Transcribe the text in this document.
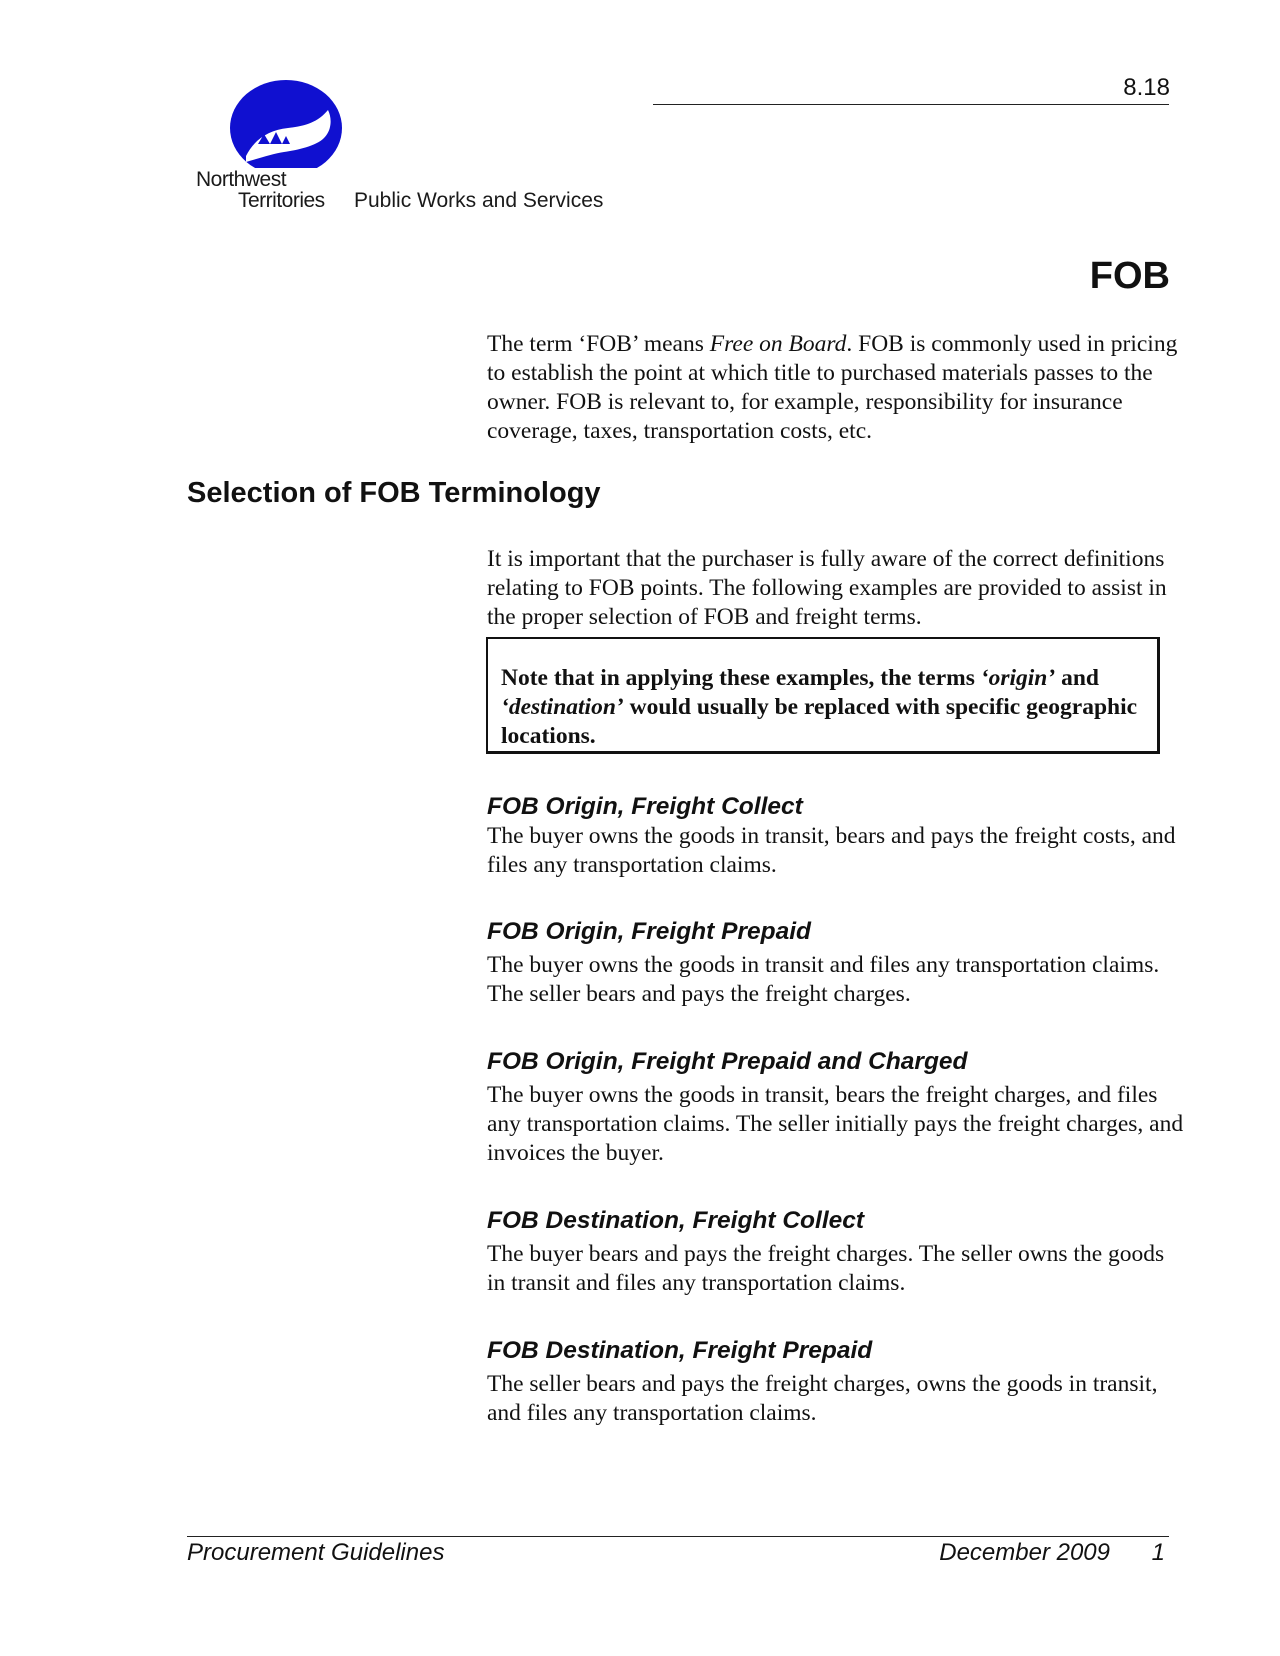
Northwest
Territories Public Works and Services
8.18
FOB
The term ‘FOB’ means Free on Board. FOB is commonly used in pricing to establish the point at which title to purchased materials passes to the owner. FOB is relevant to, for example, responsibility for insurance coverage, taxes, transportation costs, etc.
Selection of FOB Terminology
It is important that the purchaser is fully aware of the correct definitions relating to FOB points. The following examples are provided to assist in the proper selection of FOB and freight terms.
Note that in applying these examples, the terms ‘origin’ and ‘destination’ would usually be replaced with specific geographic locations.
FOB Origin, Freight Collect
The buyer owns the goods in transit, bears and pays the freight costs, and files any transportation claims.
FOB Origin, Freight Prepaid
The buyer owns the goods in transit and files any transportation claims. The seller bears and pays the freight charges.
FOB Origin, Freight Prepaid and Charged
The buyer owns the goods in transit, bears the freight charges, and files any transportation claims. The seller initially pays the freight charges, and invoices the buyer.
FOB Destination, Freight Collect
The buyer bears and pays the freight charges. The seller owns the goods in transit and files any transportation claims.
FOB Destination, Freight Prepaid
The seller bears and pays the freight charges, owns the goods in transit, and files any transportation claims.
Procurement Guidelines	December 2009 1
